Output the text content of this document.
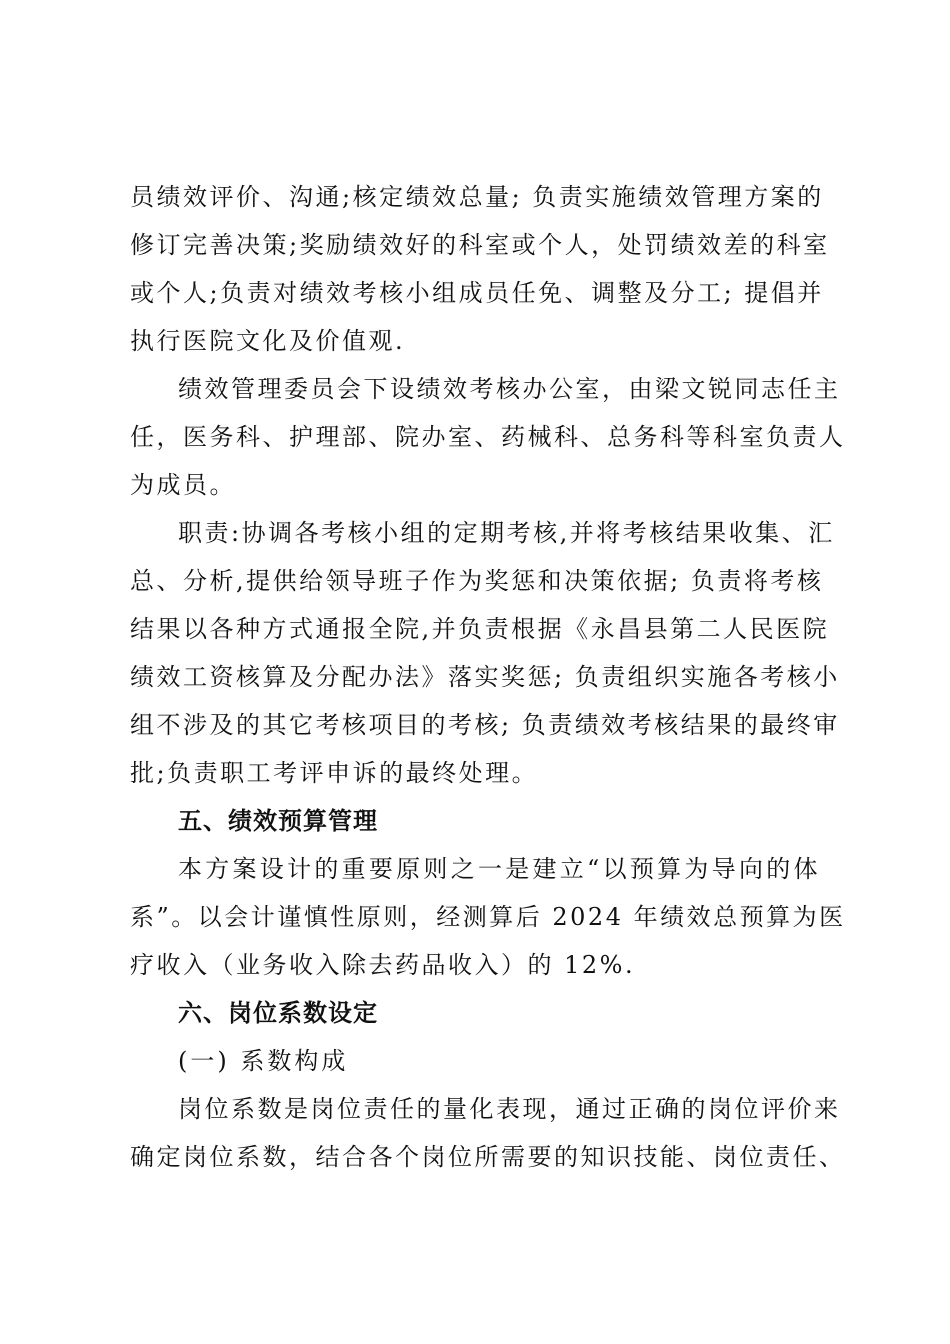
员绩效评价、沟通;核定绩效总量; 负责实施绩效管理方案的
修订完善决策;奖励绩效好的科室或个人，处罚绩效差的科室
或个人;负责对绩效考核小组成员任免、调整及分工; 提倡并
执行医院文化及价值观.
绩效管理委员会下设绩效考核办公室，由梁文锐同志任主
任，医务科、护理部、院办室、药械科、总务科等科室负责人
为成员。
职责:协调各考核小组的定期考核,并将考核结果收集、汇
总、分析,提供给领导班子作为奖惩和决策依据; 负责将考核
结果以各种方式通报全院,并负责根据《永昌县第二人民医院
绩效工资核算及分配办法》落实奖惩; 负责组织实施各考核小
组不涉及的其它考核项目的考核; 负责绩效考核结果的最终审
批;负责职工考评申诉的最终处理。
五、绩效预算管理
本方案设计的重要原则之一是建立“以预算为导向的体
系”。以会计谨慎性原则，经测算后 2024 年绩效总预算为医
疗收入（业务收入除去药品收入）的 12%.
六、岗位系数设定
(一) 系数构成
岗位系数是岗位责任的量化表现，通过正确的岗位评价来
确定岗位系数，结合各个岗位所需要的知识技能、岗位责任、
